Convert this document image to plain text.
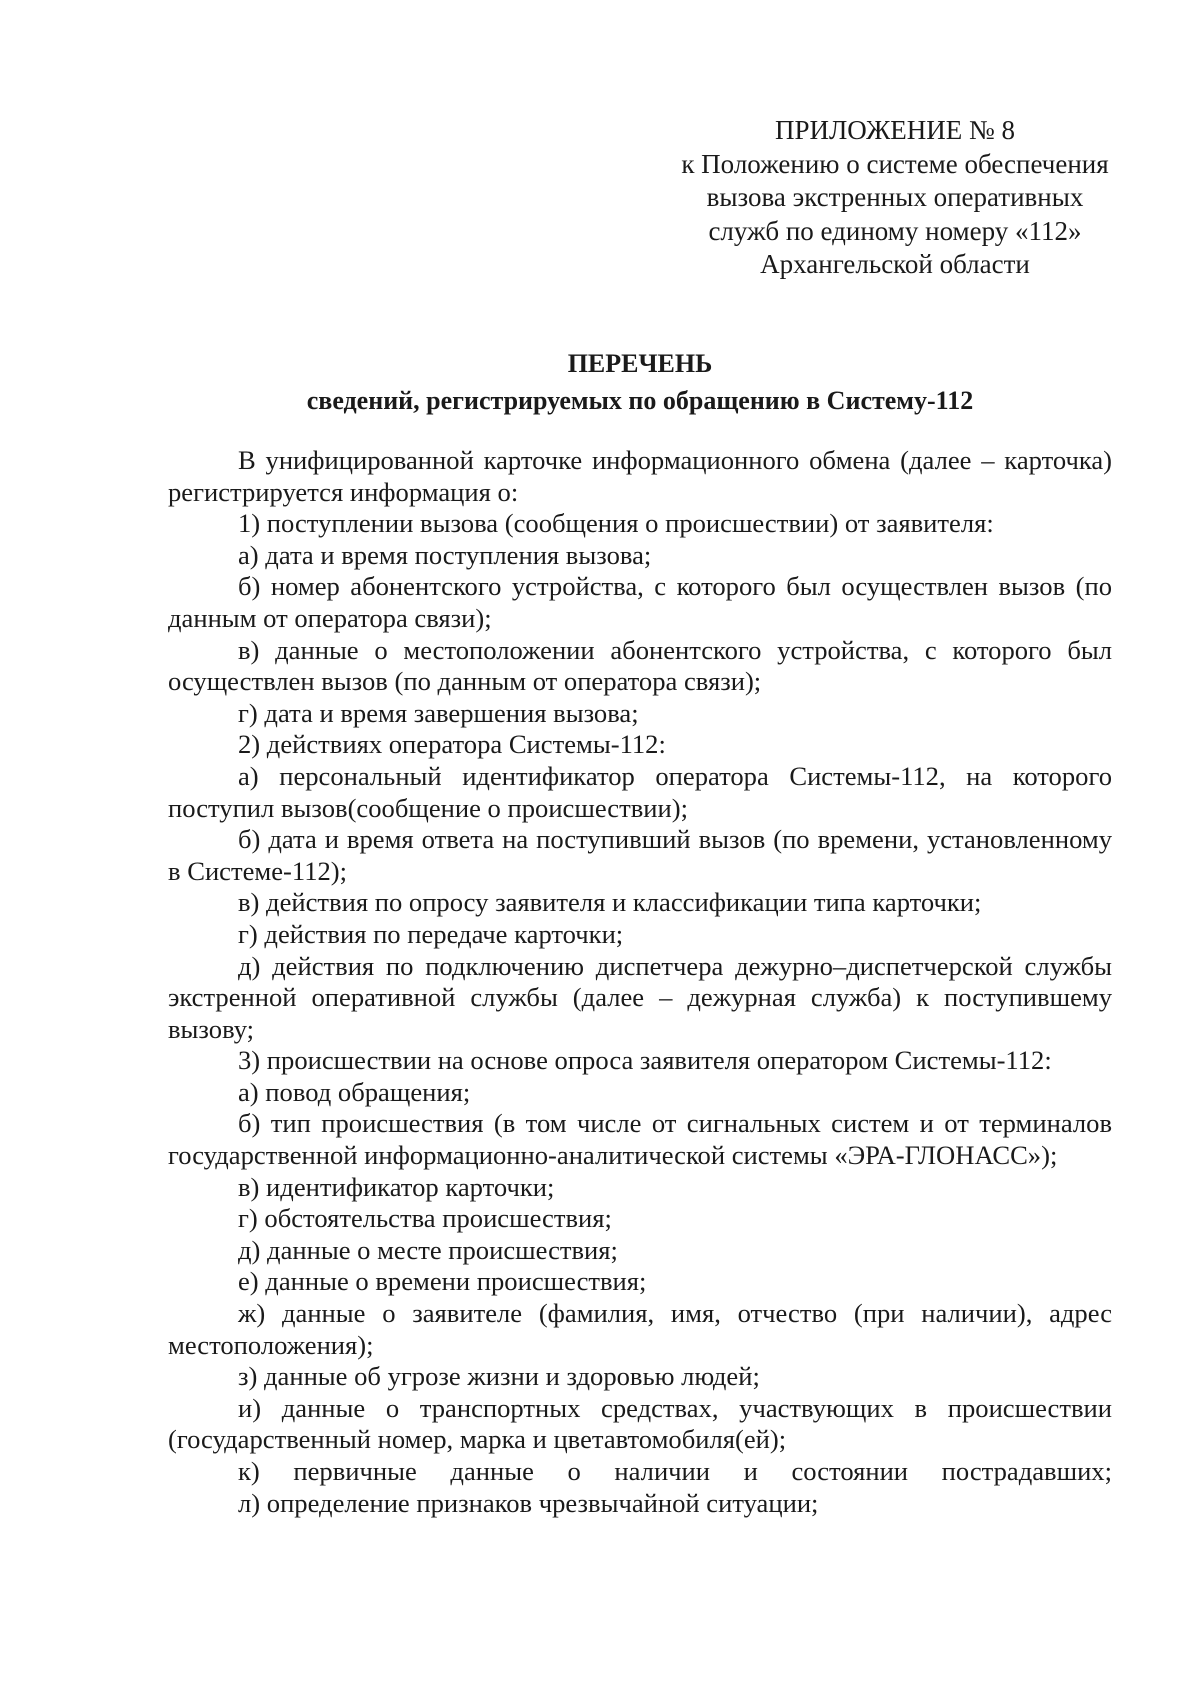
ПРИЛОЖЕНИЕ № 8
к Положению о системе обеспечения
вызова экстренных оперативных
служб по единому номеру «112»
Архангельской области
ПЕРЕЧЕНЬ
сведений, регистрируемых по обращению в Систему-112

В унифицированной карточке информационного обмена (далее – карточка) регистрируется информация о:

1) поступлении вызова (сообщения о происшествии) от заявителя:

а) дата и время поступления вызова;

б) номер абонентского устройства, с которого был осуществлен вызов (по данным от оператора связи);

в) данные о местоположении абонентского устройства, с которого был осуществлен вызов (по данным от оператора связи);

г) дата и время завершения вызова;

2) действиях оператора Системы-112:

а) персональный идентификатор оператора Системы-112, на которого поступил вызов(сообщение о происшествии);

б) дата и время ответа на поступивший вызов (по времени, установленному в Системе-112);

в) действия по опросу заявителя и классификации типа карточки;

г) действия по передаче карточки;

д) действия по подключению диспетчера дежурно–диспетчерской службы экстренной оперативной службы (далее – дежурная служба) к поступившему вызову;

3) происшествии на основе опроса заявителя оператором Системы-112:

а) повод обращения;

б) тип происшествия (в том числе от сигнальных систем и от терминалов государственной информационно-аналитической системы «ЭРА-ГЛОНАСС»);

в) идентификатор карточки;

г) обстоятельства происшествия;

д) данные о месте происшествия;

е) данные о времени происшествия;

ж) данные о заявителе (фамилия, имя, отчество (при наличии), адрес местоположения);

з) данные об угрозе жизни и здоровью людей;

и) данные о транспортных средствах, участвующих в происшествии (государственный номер, марка и цветавтомобиля(ей);

к) первичные данные о наличии и состоянии пострадавших;

л) определение признаков чрезвычайной ситуации;
